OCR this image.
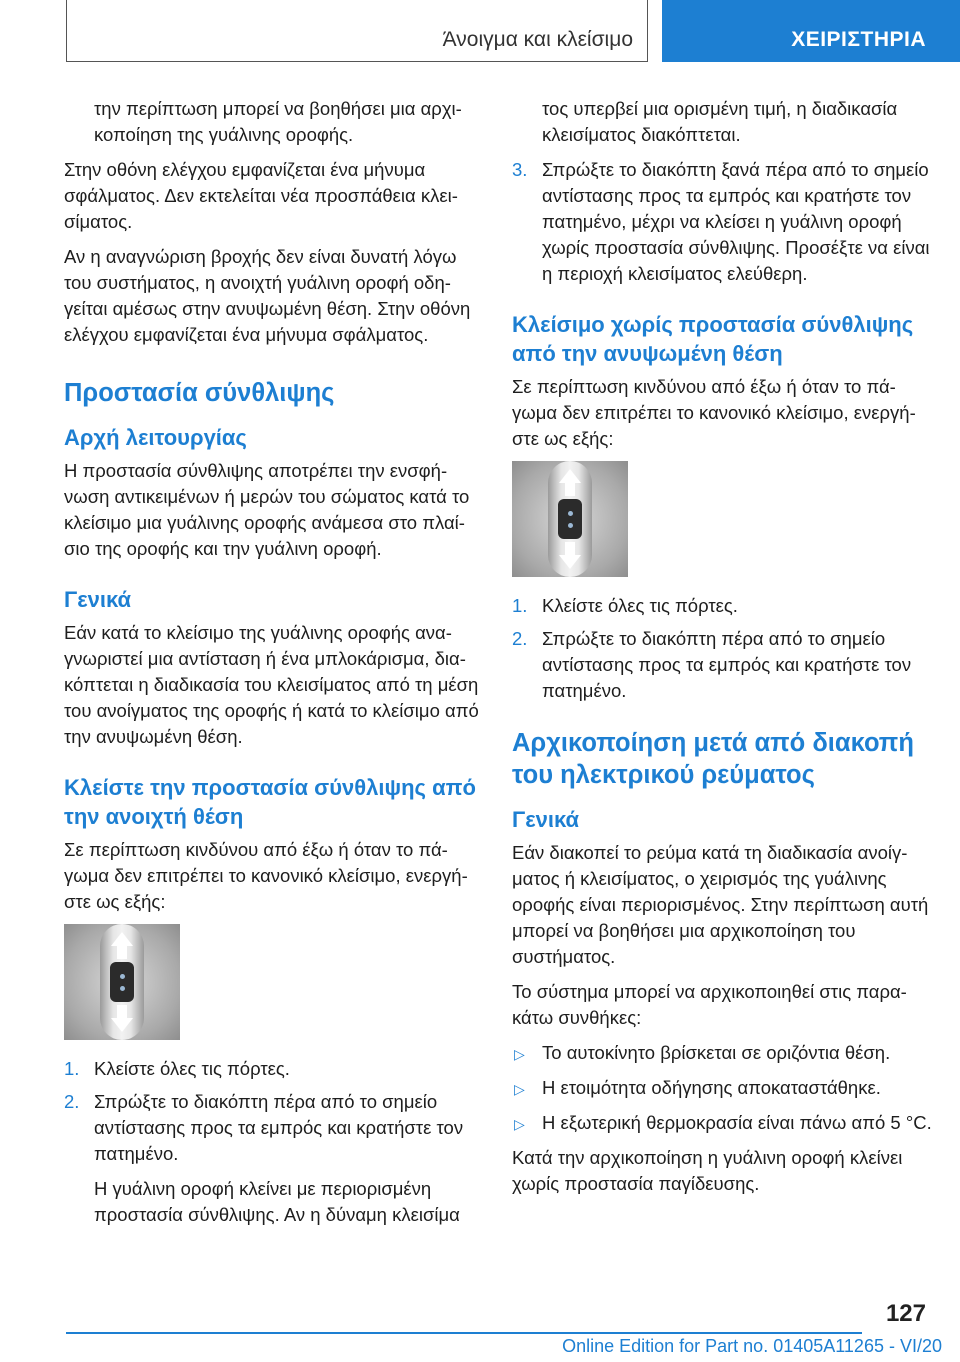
Άνοιγμα και κλείσιμο	ΧΕΙΡΙΣΤΗΡΙΑ

την περίπτωση μπορεί να βοηθήσει μια αρχικοποίηση της γυάλινης οροφής.

Στην οθόνη ελέγχου εμφανίζεται ένα μήνυμα σφάλματος. Δεν εκτελείται νέα προσπάθεια κλεισίματος.

Αν η αναγνώριση βροχής δεν είναι δυνατή λόγω του συστήματος, η ανοιχτή γυάλινη οροφή οδηγείται αμέσως στην ανυψωμένη θέση. Στην οθόνη ελέγχου εμφανίζεται ένα μήνυμα σφάλματος.

Προστασία σύνθλιψης
Αρχή λειτουργίας

Η προστασία σύνθλιψης αποτρέπει την ενσφήνωση αντικειμένων ή μερών του σώματος κατά το κλείσιμο μια γυάλινης οροφής ανάμεσα στο πλαίσιο της οροφής και την γυάλινη οροφή.

Γενικά

Εάν κατά το κλείσιμο της γυάλινης οροφής αναγνωριστεί μια αντίσταση ή ένα μπλοκάρισμα, διακόπτεται η διαδικασία του κλεισίματος από τη μέση του ανοίγματος της οροφής ή κατά το κλείσιμο από την ανυψωμένη θέση.

Κλείστε την προστασία σύνθλιψης από την ανοιχτή θέση

Σε περίπτωση κινδύνου από έξω ή όταν το πάγωμα δεν επιτρέπει το κανονικό κλείσιμο, ενεργήστε ως εξής:

1. Κλείστε όλες τις πόρτες.
2. Σπρώξτε το διακόπτη πέρα από το σημείο αντίστασης προς τα εμπρός και κρατήστε τον πατημένο.

Η γυάλινη οροφή κλείνει με περιορισμένη προστασία σύνθλιψης. Αν η δύναμη κλεισίμα

τος υπερβεί μια ορισμένη τιμή, η διαδικασία κλεισίματος διακόπτεται.

3. Σπρώξτε το διακόπτη ξανά πέρα από το σημείο αντίστασης προς τα εμπρός και κρατήστε τον πατημένο, μέχρι να κλείσει η γυάλινη οροφή χωρίς προστασία σύνθλιψης. Προσέξτε να είναι η περιοχή κλεισίματος ελεύθερη.
Κλείσιμο χωρίς προστασία σύνθλιψης από την ανυψωμένη θέση

Σε περίπτωση κινδύνου από έξω ή όταν το πάγωμα δεν επιτρέπει το κανονικό κλείσιμο, ενεργήστε ως εξής:

1. Κλείστε όλες τις πόρτες.
2. Σπρώξτε το διακόπτη πέρα από το σημείο αντίστασης προς τα εμπρός και κρατήστε τον πατημένο.
Αρχικοποίηση μετά από διακοπή του ηλεκτρικού ρεύματος
Γενικά

Εάν διακοπεί το ρεύμα κατά τη διαδικασία ανοίγματος ή κλεισίματος, ο χειρισμός της γυάλινης οροφής είναι περιορισμένος. Στην περίπτωση αυτή μπορεί να βοηθήσει μια αρχικοποίηση του συστήματος.

Το σύστημα μπορεί να αρχικοποιηθεί στις παρακάτω συνθήκες:

▷ Το αυτοκίνητο βρίσκεται σε οριζόντια θέση.
▷ Η ετοιμότητα οδήγησης αποκαταστάθηκε.
▷ Η εξωτερική θερμοκρασία είναι πάνω από 5 °C.

Κατά την αρχικοποίηση η γυάλινη οροφή κλείνει χωρίς προστασία παγίδευσης.

127
Online Edition for Part no. 01405A11265 - VI/20
